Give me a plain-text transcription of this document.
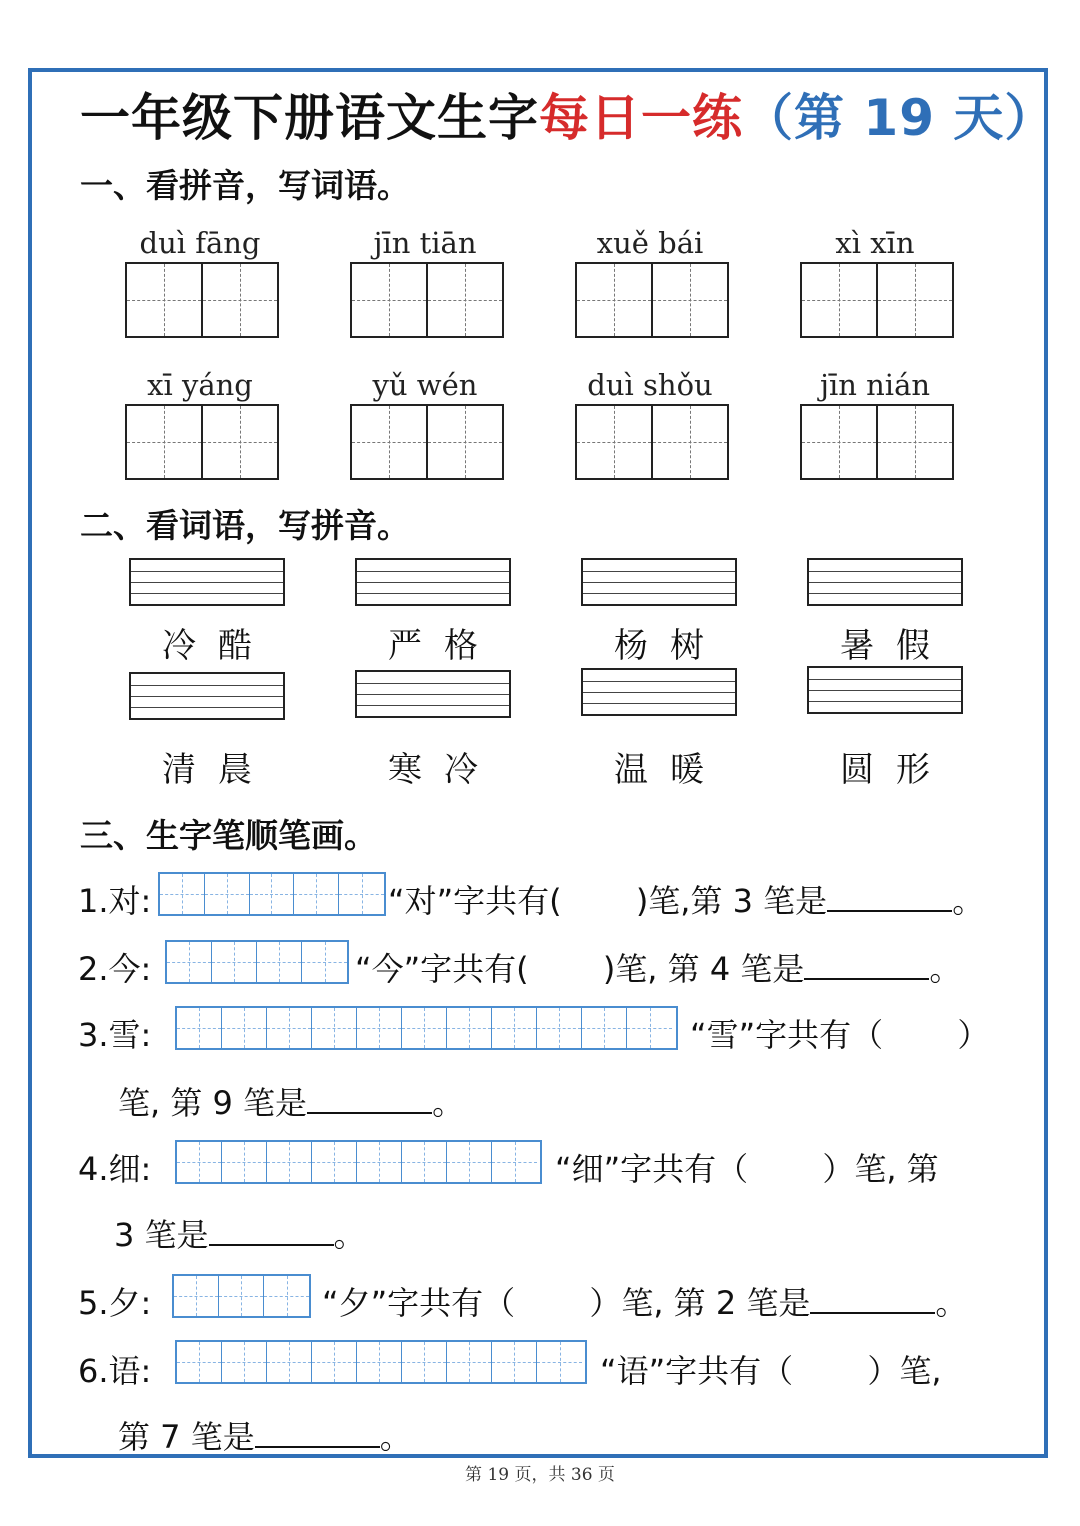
一年级下册语文生字每日一练（第 19 天）
一、看拼音，写词语。
duì fāng	jīn tiān	xuě bái	xì xīn
xī yáng	yǔ wén	duì shǒu	jīn nián
二、看词语，写拼音。
冷酷	严格	杨树	暑假
清晨	寒冷	温暖	圆形
三、生字笔顺笔画。
1.对:	“对”字共有(　　 )笔,第 3 笔是	。
2.今:	“今”字共有(　　 )笔, 第 4 笔是	。
3.雪:	“雪”字共有（　　 ）
笔, 第 9 笔是	。
4.细:	“细”字共有（　　 ）笔, 第
3 笔是	。
5.夕:	“夕”字共有（　　 ）笔, 第 2 笔是	。
6.语:	“语”字共有（　　 ）笔,
第 7 笔是	。
第 19 页，共 36 页
